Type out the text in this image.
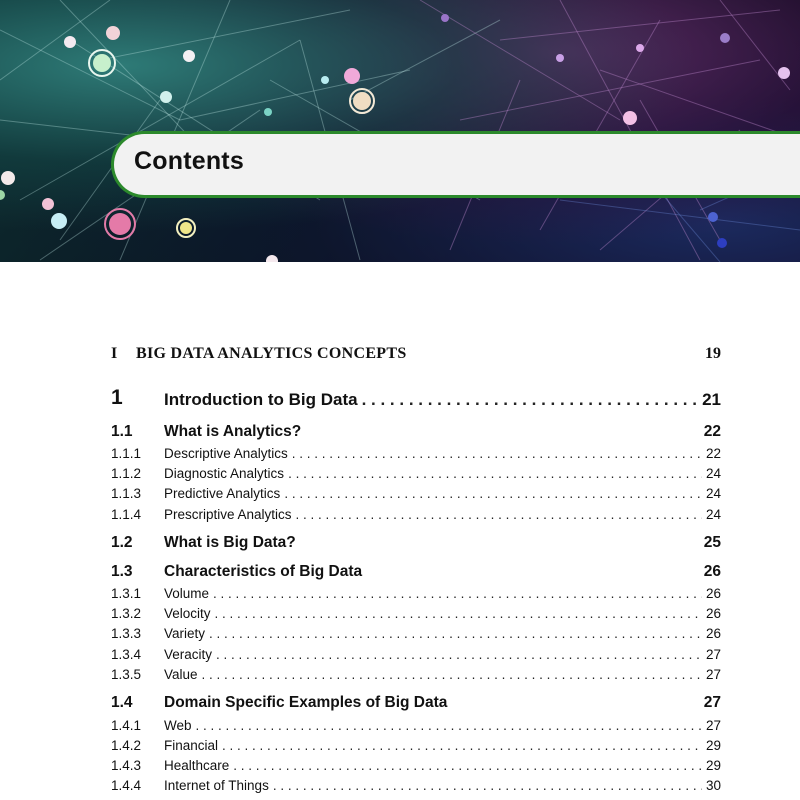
Contents
I BIG DATA ANALYTICS CONCEPTS	19
1 Introduction to Big Data . . .	21
1.1 What is Analytics?	22
1.1.1 Descriptive Analytics . . .	22
1.1.2 Diagnostic Analytics . . .	24
1.1.3 Predictive Analytics . . .	24
1.1.4 Prescriptive Analytics . . .	24
1.2 What is Big Data?	25
1.3 Characteristics of Big Data	26
1.3.1 Volume . . .	26
1.3.2 Velocity . . .	26
1.3.3 Variety . . .	26
1.3.4 Veracity . . .	27
1.3.5 Value . . .	27
1.4 Domain Specific Examples of Big Data	27
1.4.1 Web . . .	27
1.4.2 Financial . . .	29
1.4.3 Healthcare . . .	29
1.4.4 Internet of Things . . .	30
